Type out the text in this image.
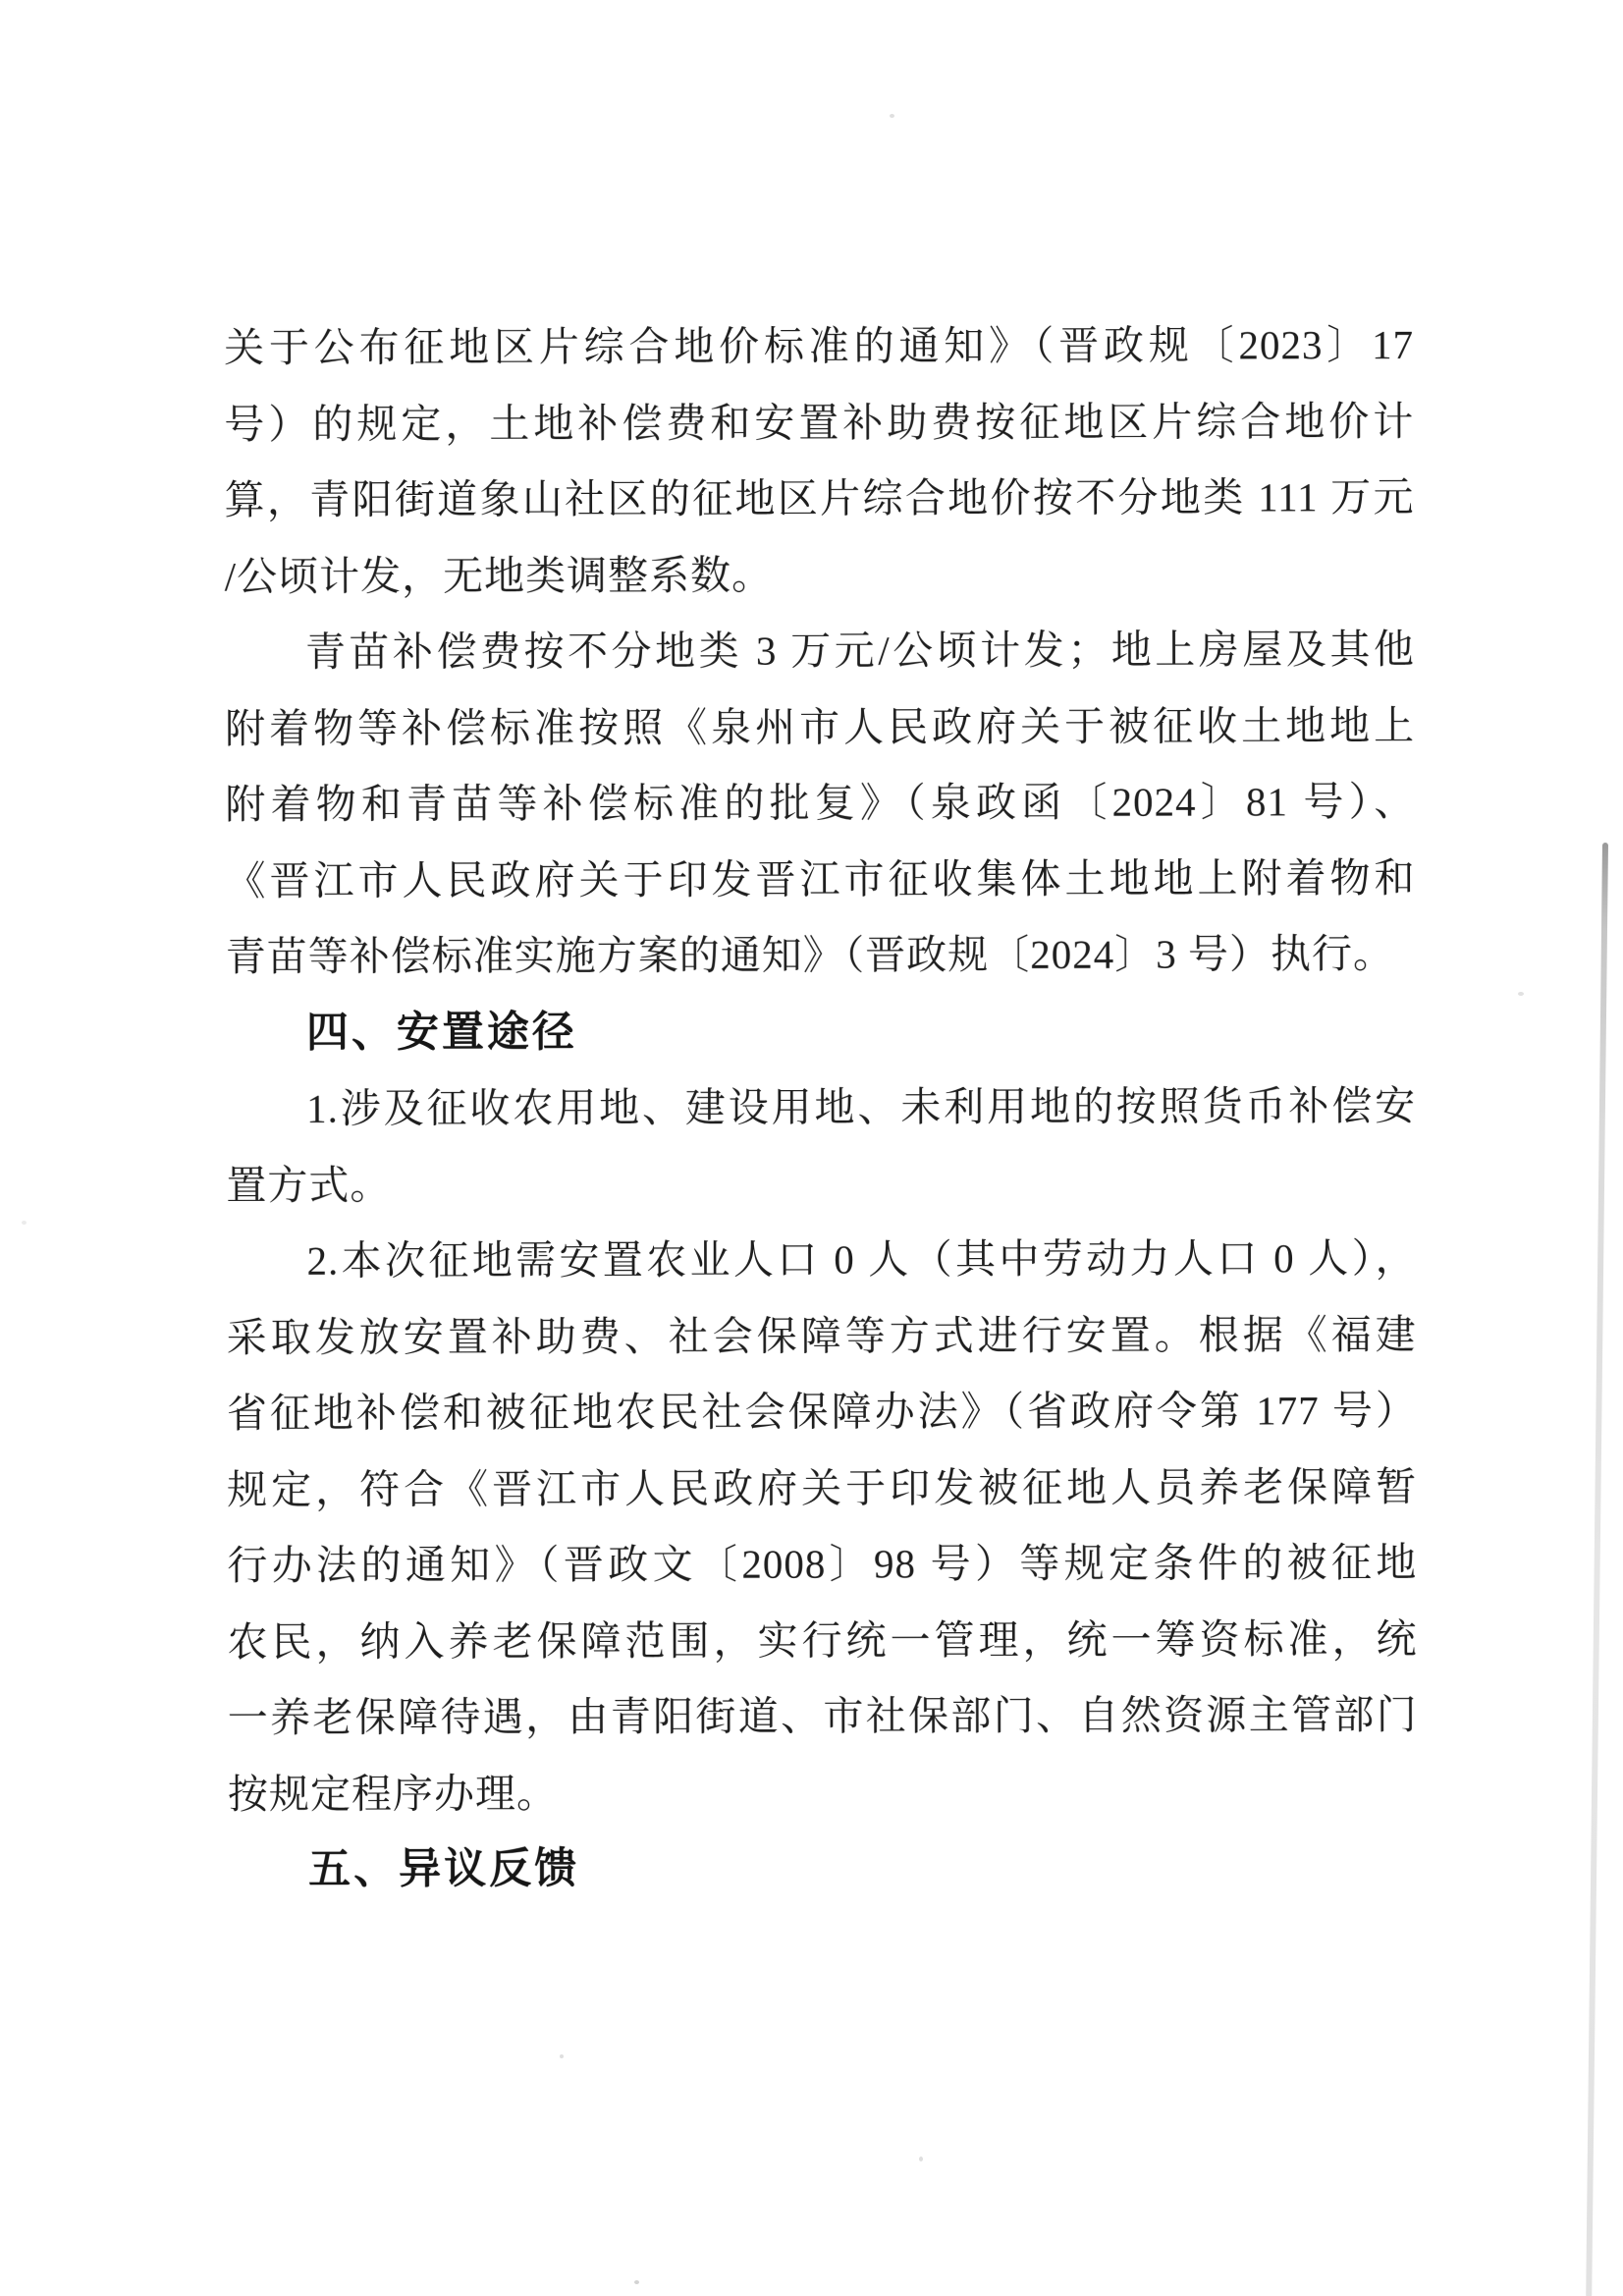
关于公布征地区片综合地价标准的通知》（晋政规〔2023〕17
号）的规定，土地补偿费和安置补助费按征地区片综合地价计
算，青阳街道象山社区的征地区片综合地价按不分地类 111 万元
/公顷计发，无地类调整系数。
青苗补偿费按不分地类 3 万元/公顷计发；地上房屋及其他
附着物等补偿标准按照《泉州市人民政府关于被征收土地地上
附着物和青苗等补偿标准的批复》（泉政函〔2024〕81 号）、
《晋江市人民政府关于印发晋江市征收集体土地地上附着物和
青苗等补偿标准实施方案的通知》（晋政规〔2024〕3 号）执行。
四、安置途径
1.涉及征收农用地、建设用地、未利用地的按照货币补偿安
置方式。
2.本次征地需安置农业人口 0 人（其中劳动力人口 0 人），
采取发放安置补助费、社会保障等方式进行安置。根据《福建
省征地补偿和被征地农民社会保障办法》（省政府令第 177 号）
规定，符合《晋江市人民政府关于印发被征地人员养老保障暂
行办法的通知》（晋政文〔2008〕98 号）等规定条件的被征地
农民，纳入养老保障范围，实行统一管理，统一筹资标准，统
一养老保障待遇，由青阳街道、市社保部门、自然资源主管部门
按规定程序办理。
五、异议反馈
